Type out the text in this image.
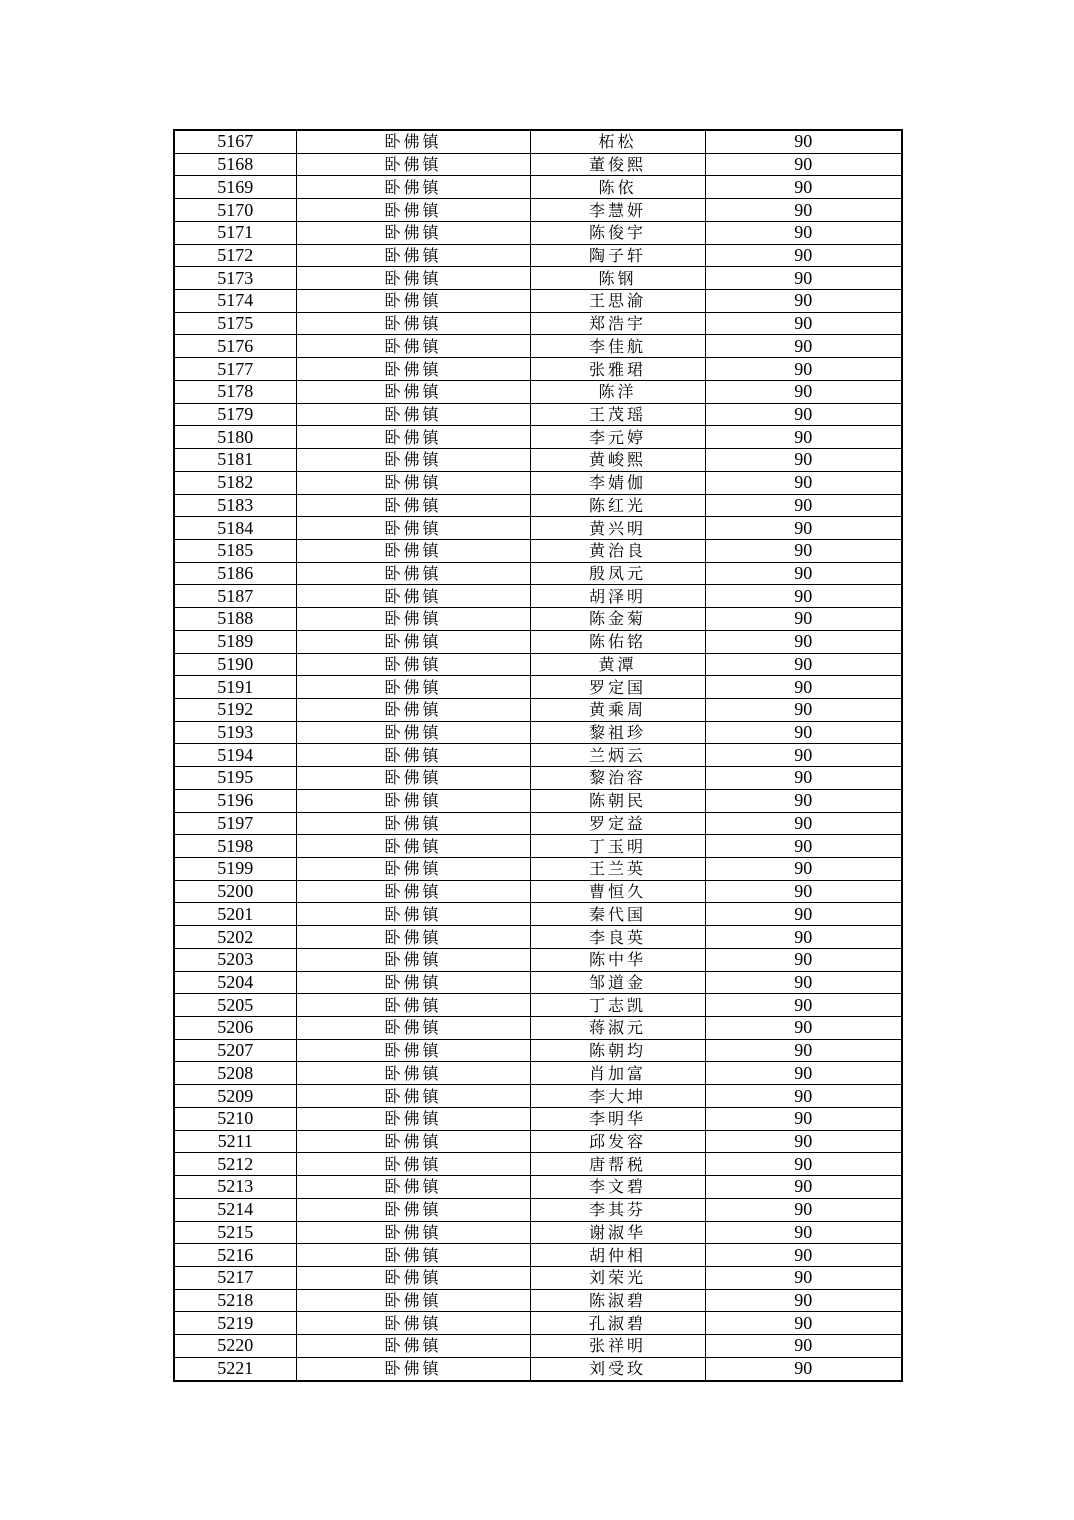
5167	卧佛镇	柘松	90
5168	卧佛镇	董俊熙	90
5169	卧佛镇	陈依	90
5170	卧佛镇	李慧妍	90
5171	卧佛镇	陈俊宇	90
5172	卧佛镇	陶子轩	90
5173	卧佛镇	陈钢	90
5174	卧佛镇	王思渝	90
5175	卧佛镇	郑浩宇	90
5176	卧佛镇	李佳航	90
5177	卧佛镇	张雅珺	90
5178	卧佛镇	陈洋	90
5179	卧佛镇	王茂瑶	90
5180	卧佛镇	李元婷	90
5181	卧佛镇	黄峻熙	90
5182	卧佛镇	李婧伽	90
5183	卧佛镇	陈红光	90
5184	卧佛镇	黄兴明	90
5185	卧佛镇	黄治良	90
5186	卧佛镇	殷凤元	90
5187	卧佛镇	胡泽明	90
5188	卧佛镇	陈金菊	90
5189	卧佛镇	陈佑铭	90
5190	卧佛镇	黄潭	90
5191	卧佛镇	罗定国	90
5192	卧佛镇	黄乘周	90
5193	卧佛镇	黎祖珍	90
5194	卧佛镇	兰炳云	90
5195	卧佛镇	黎治容	90
5196	卧佛镇	陈朝民	90
5197	卧佛镇	罗定益	90
5198	卧佛镇	丁玉明	90
5199	卧佛镇	王兰英	90
5200	卧佛镇	曹恒久	90
5201	卧佛镇	秦代国	90
5202	卧佛镇	李良英	90
5203	卧佛镇	陈中华	90
5204	卧佛镇	邹道金	90
5205	卧佛镇	丁志凯	90
5206	卧佛镇	蒋淑元	90
5207	卧佛镇	陈朝均	90
5208	卧佛镇	肖加富	90
5209	卧佛镇	李大坤	90
5210	卧佛镇	李明华	90
5211	卧佛镇	邱发容	90
5212	卧佛镇	唐帮税	90
5213	卧佛镇	李文碧	90
5214	卧佛镇	李其芬	90
5215	卧佛镇	谢淑华	90
5216	卧佛镇	胡仲相	90
5217	卧佛镇	刘荣光	90
5218	卧佛镇	陈淑碧	90
5219	卧佛镇	孔淑碧	90
5220	卧佛镇	张祥明	90
5221	卧佛镇	刘受玫	90
